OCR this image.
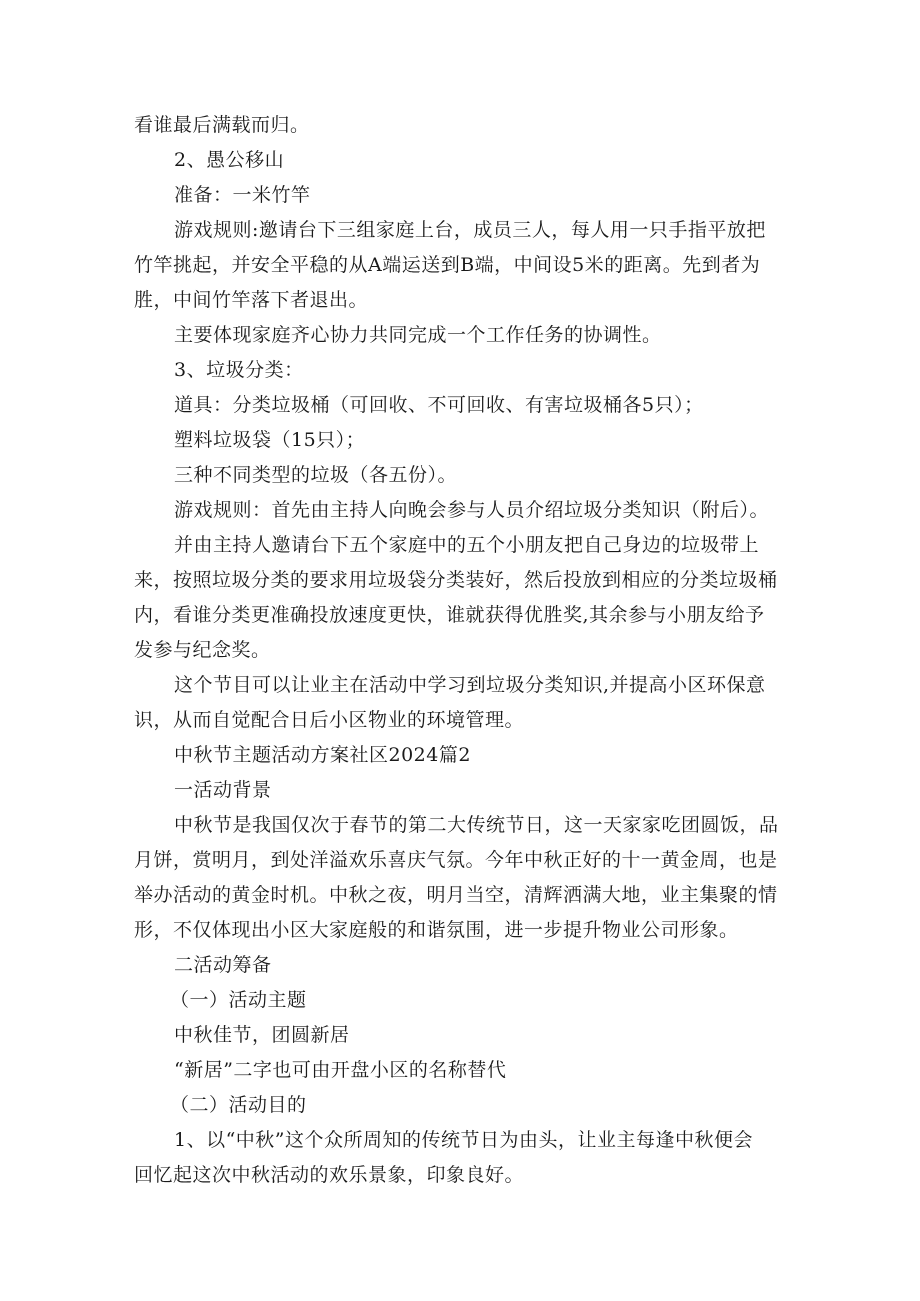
看谁最后满载而归。

2、愚公移山

准备：一米竹竿

游戏规则:邀请台下三组家庭上台，成员三人，每人用一只手指平放把

竹竿挑起，并安全平稳的从A端运送到B端，中间设5米的距离。先到者为

胜，中间竹竿落下者退出。

主要体现家庭齐心协力共同完成一个工作任务的协调性。

3、垃圾分类：

道具：分类垃圾桶（可回收、不可回收、有害垃圾桶各5只）；

塑料垃圾袋（15只）；

三种不同类型的垃圾（各五份）。

游戏规则：首先由主持人向晚会参与人员介绍垃圾分类知识（附后）。

并由主持人邀请台下五个家庭中的五个小朋友把自己身边的垃圾带上

来，按照垃圾分类的要求用垃圾袋分类装好，然后投放到相应的分类垃圾桶

内，看谁分类更准确投放速度更快，谁就获得优胜奖,其余参与小朋友给予

发参与纪念奖。

这个节目可以让业主在活动中学习到垃圾分类知识,并提高小区环保意

识，从而自觉配合日后小区物业的环境管理。

中秋节主题活动方案社区2024篇2

一活动背景

中秋节是我国仅次于春节的第二大传统节日，这一天家家吃团圆饭，品

月饼，赏明月，到处洋溢欢乐喜庆气氛。今年中秋正好的十一黄金周，也是

举办活动的黄金时机。中秋之夜，明月当空，清辉洒满大地，业主集聚的情

形，不仅体现出小区大家庭般的和谐氛围，进一步提升物业公司形象。

二活动筹备

（一）活动主题

中秋佳节，团圆新居

“新居”二字也可由开盘小区的名称替代

（二）活动目的

1、以“中秋”这个众所周知的传统节日为由头，让业主每逢中秋便会

回忆起这次中秋活动的欢乐景象，印象良好。
